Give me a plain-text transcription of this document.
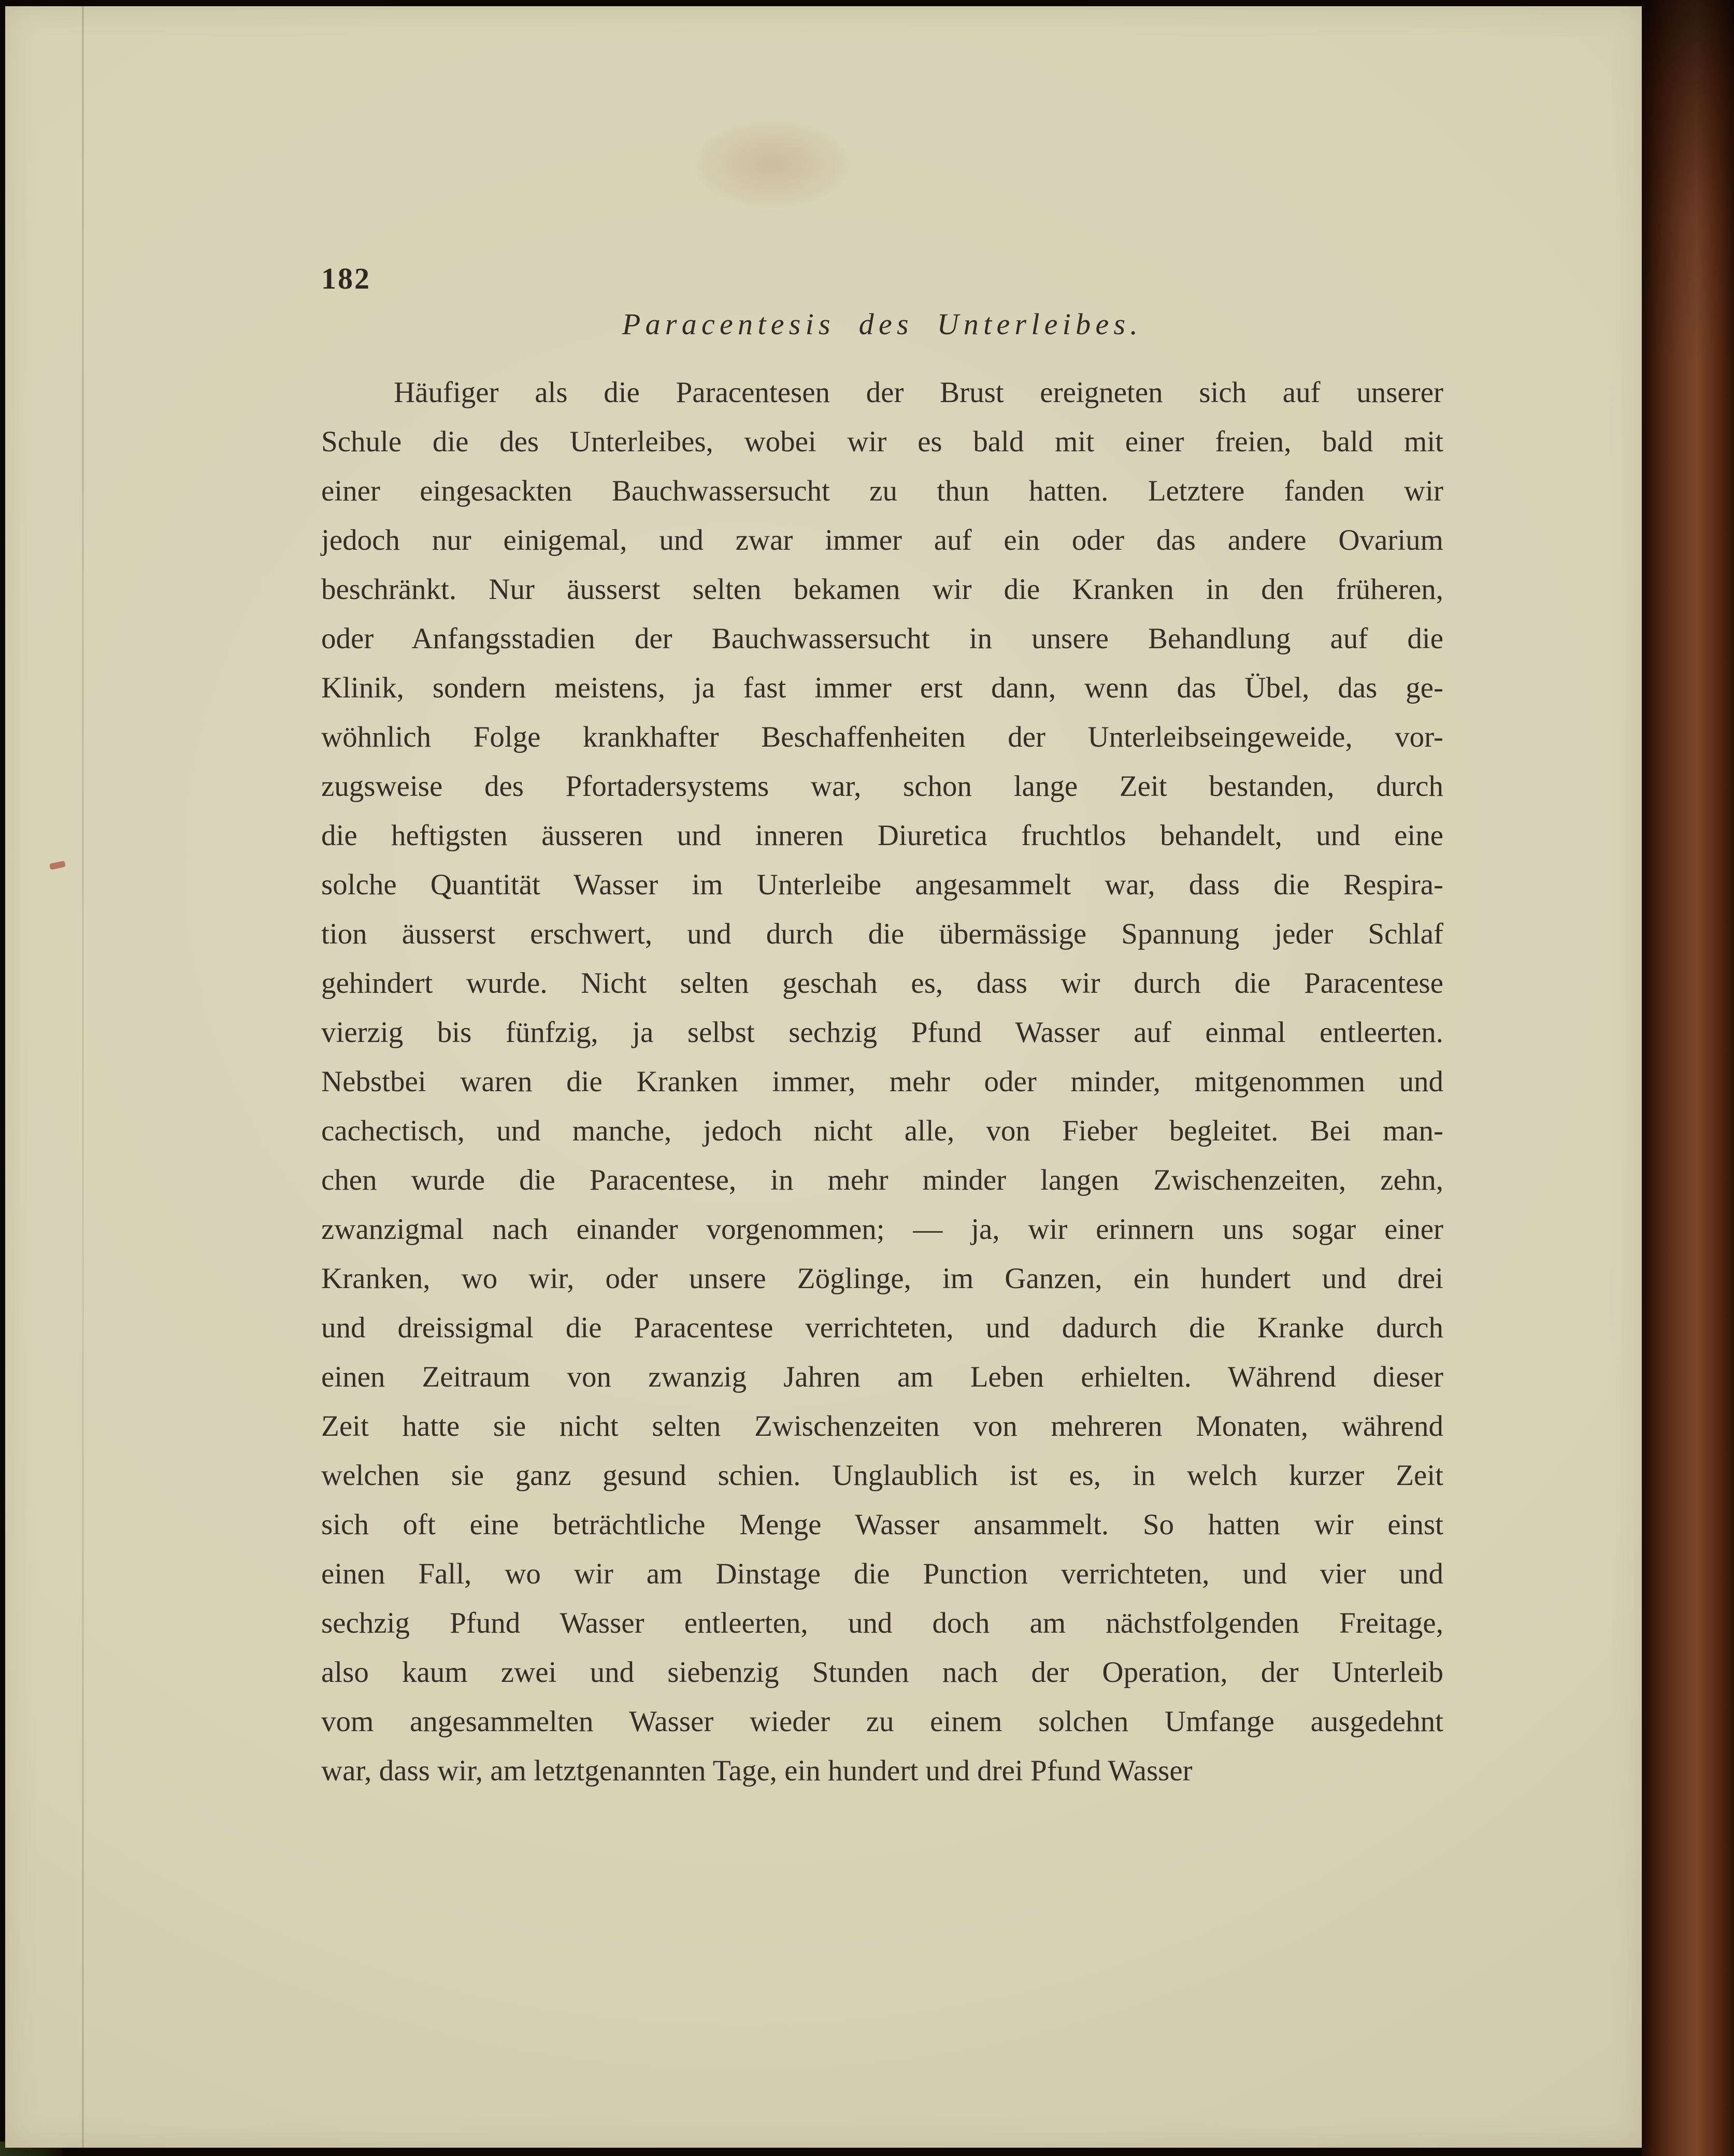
182
Paracentesis des Unterleibes.
Häufiger als die Paracentesen der Brust ereigneten sich auf unserer
Schule die des Unterleibes, wobei wir es bald mit einer freien, bald mit
einer eingesackten Bauchwassersucht zu thun hatten. Letztere fanden wir
jedoch nur einigemal, und zwar immer auf ein oder das andere Ovarium
beschränkt. Nur äusserst selten bekamen wir die Kranken in den früheren,
oder Anfangsstadien der Bauchwassersucht in unsere Behandlung auf die
Klinik, sondern meistens, ja fast immer erst dann, wenn das Übel, das ge-
wöhnlich Folge krankhafter Beschaffenheiten der Unterleibseingeweide, vor-
zugsweise des Pfortadersystems war, schon lange Zeit bestanden, durch
die heftigsten äusseren und inneren Diuretica fruchtlos behandelt, und eine
solche Quantität Wasser im Unterleibe angesammelt war, dass die Respira-
tion äusserst erschwert, und durch die übermässige Spannung jeder Schlaf
gehindert wurde. Nicht selten geschah es, dass wir durch die Paracentese
vierzig bis fünfzig, ja selbst sechzig Pfund Wasser auf einmal entleerten.
Nebstbei waren die Kranken immer, mehr oder minder, mitgenommen und
cachectisch, und manche, jedoch nicht alle, von Fieber begleitet. Bei man-
chen wurde die Paracentese, in mehr minder langen Zwischenzeiten, zehn,
zwanzigmal nach einander vorgenommen; — ja, wir erinnern uns sogar einer
Kranken, wo wir, oder unsere Zöglinge, im Ganzen, ein hundert und drei
und dreissigmal die Paracentese verrichteten, und dadurch die Kranke durch
einen Zeitraum von zwanzig Jahren am Leben erhielten. Während dieser
Zeit hatte sie nicht selten Zwischenzeiten von mehreren Monaten, während
welchen sie ganz gesund schien. Unglaublich ist es, in welch kurzer Zeit
sich oft eine beträchtliche Menge Wasser ansammelt. So hatten wir einst
einen Fall, wo wir am Dinstage die Punction verrichteten, und vier und
sechzig Pfund Wasser entleerten, und doch am nächstfolgenden Freitage,
also kaum zwei und siebenzig Stunden nach der Operation, der Unterleib
vom angesammelten Wasser wieder zu einem solchen Umfange ausgedehnt
war, dass wir, am letztgenannten Tage, ein hundert und drei Pfund Wasser
